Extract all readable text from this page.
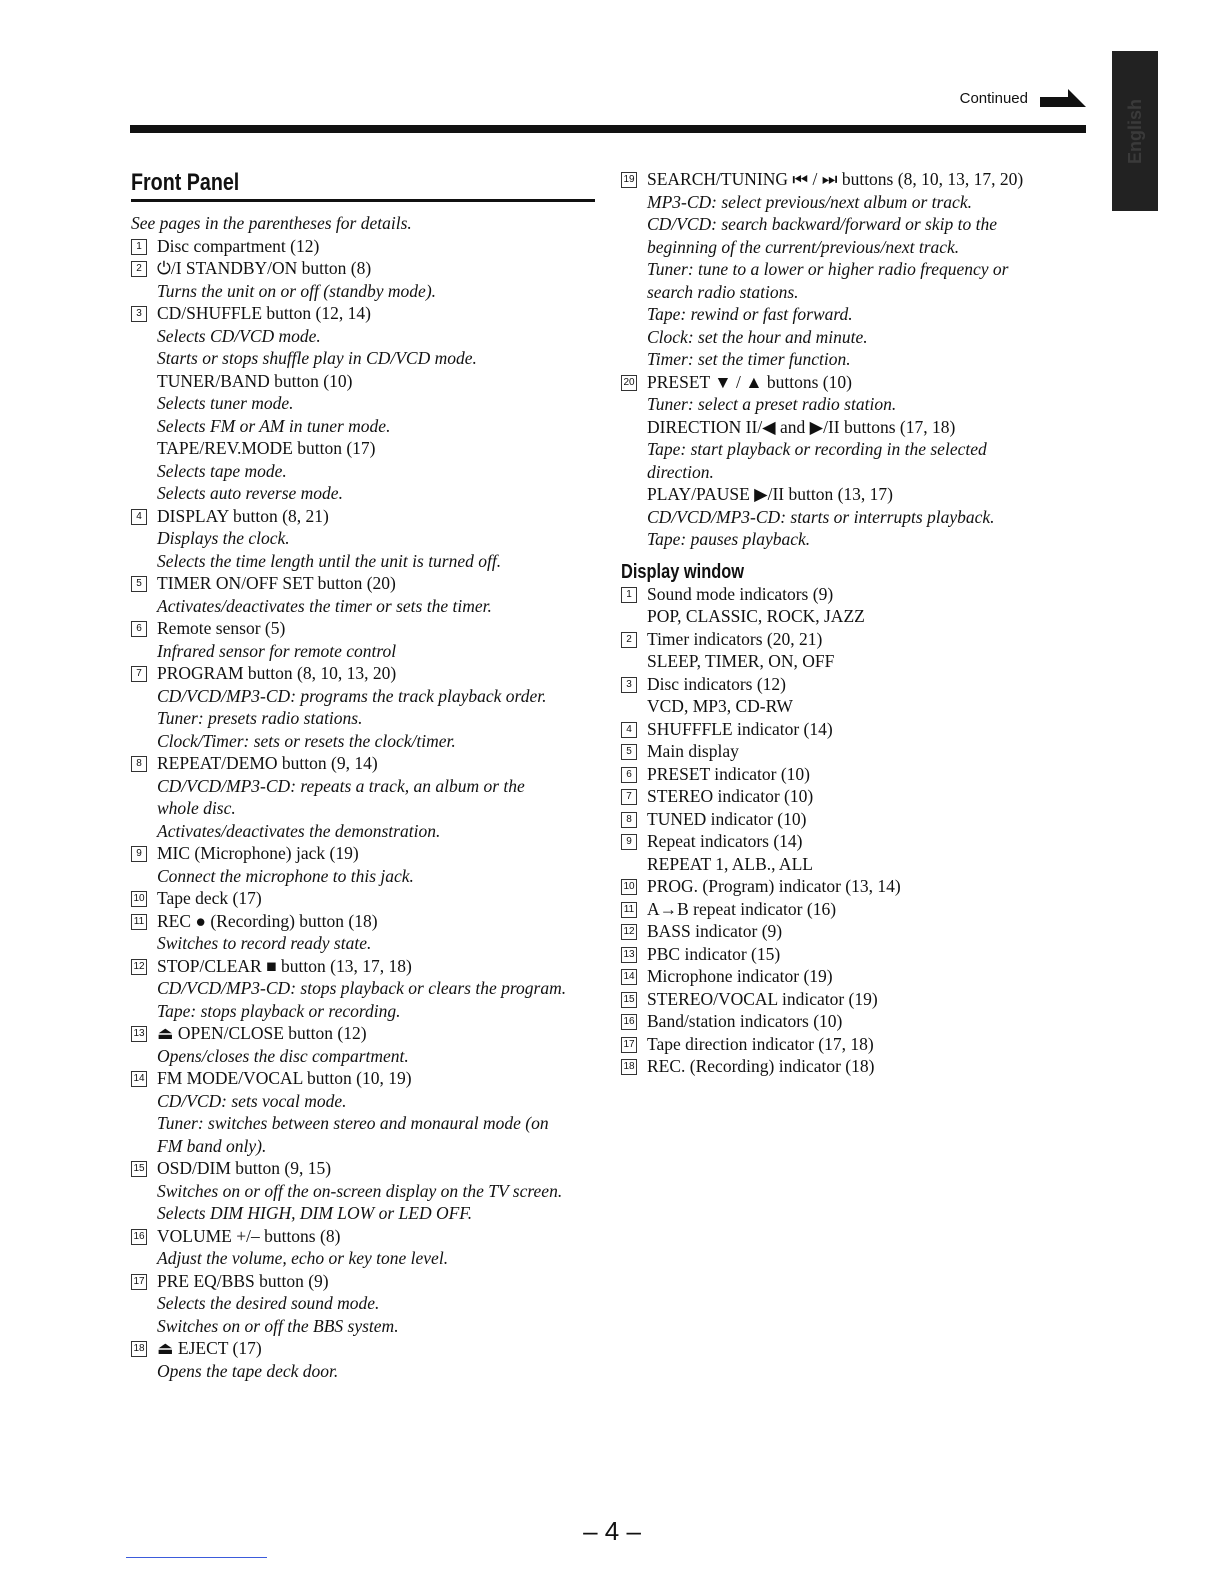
English
Continued
Front Panel
See pages in the parentheses for details.
1 Disc compartment (12)
2 ⏻/I STANDBY/ON button (8)
Turns the unit on or off (standby mode).
3 CD/SHUFFLE button (12, 14)
Selects CD/VCD mode.
Starts or stops shuffle play in CD/VCD mode.
TUNER/BAND button (10)
Selects tuner mode.
Selects FM or AM in tuner mode.
TAPE/REV.MODE button (17)
Selects tape mode.
Selects auto reverse mode.
4 DISPLAY button (8, 21)
Displays the clock.
Selects the time length until the unit is turned off.
5 TIMER ON/OFF SET button (20)
Activates/deactivates the timer or sets the timer.
6 Remote sensor (5)
Infrared sensor for remote control
7 PROGRAM button (8, 10, 13, 20)
CD/VCD/MP3-CD: programs the track playback order.
Tuner: presets radio stations.
Clock/Timer: sets or resets the clock/timer.
8 REPEAT/DEMO button (9, 14)
CD/VCD/MP3-CD: repeats a track, an album or the
whole disc.
Activates/deactivates the demonstration.
9 MIC (Microphone) jack (19)
Connect the microphone to this jack.
10 Tape deck (17)
11 REC ● (Recording) button (18)
Switches to record ready state.
12 STOP/CLEAR ■ button (13, 17, 18)
CD/VCD/MP3-CD: stops playback or clears the program.
Tape: stops playback or recording.
13 ⏏ OPEN/CLOSE button (12)
Opens/closes the disc compartment.
14 FM MODE/VOCAL button (10, 19)
CD/VCD: sets vocal mode.
Tuner: switches between stereo and monaural mode (on
FM band only).
15 OSD/DIM button (9, 15)
Switches on or off the on-screen display on the TV screen.
Selects DIM HIGH, DIM LOW or LED OFF.
16 VOLUME +/– buttons (8)
Adjust the volume, echo or key tone level.
17 PRE EQ/BBS button (9)
Selects the desired sound mode.
Switches on or off the BBS system.
18 ⏏ EJECT (17)
Opens the tape deck door.
19 SEARCH/TUNING ⏮ / ⏭ buttons (8, 10, 13, 17, 20)
MP3-CD: select previous/next album or track.
CD/VCD: search backward/forward or skip to the
beginning of the current/previous/next track.
Tuner: tune to a lower or higher radio frequency or
search radio stations.
Tape: rewind or fast forward.
Clock: set the hour and minute.
Timer: set the timer function.
20 PRESET ▼ / ▲ buttons (10)
Tuner: select a preset radio station.
DIRECTION II/◀ and ▶/II buttons (17, 18)
Tape: start playback or recording in the selected
direction.
PLAY/PAUSE ▶/II button (13, 17)
CD/VCD/MP3-CD: starts or interrupts playback.
Tape: pauses playback.
Display window
1 Sound mode indicators (9)
POP, CLASSIC, ROCK, JAZZ
2 Timer indicators (20, 21)
SLEEP, TIMER, ON, OFF
3 Disc indicators (12)
VCD, MP3, CD-RW
4 SHUFFFLE indicator (14)
5 Main display
6 PRESET indicator (10)
7 STEREO indicator (10)
8 TUNED indicator (10)
9 Repeat indicators (14)
REPEAT 1, ALB., ALL
10 PROG. (Program) indicator (13, 14)
11 A→B repeat indicator (16)
12 BASS indicator (9)
13 PBC indicator (15)
14 Microphone indicator (19)
15 STEREO/VOCAL indicator (19)
16 Band/station indicators (10)
17 Tape direction indicator (17, 18)
18 REC. (Recording) indicator (18)
– 4 –
